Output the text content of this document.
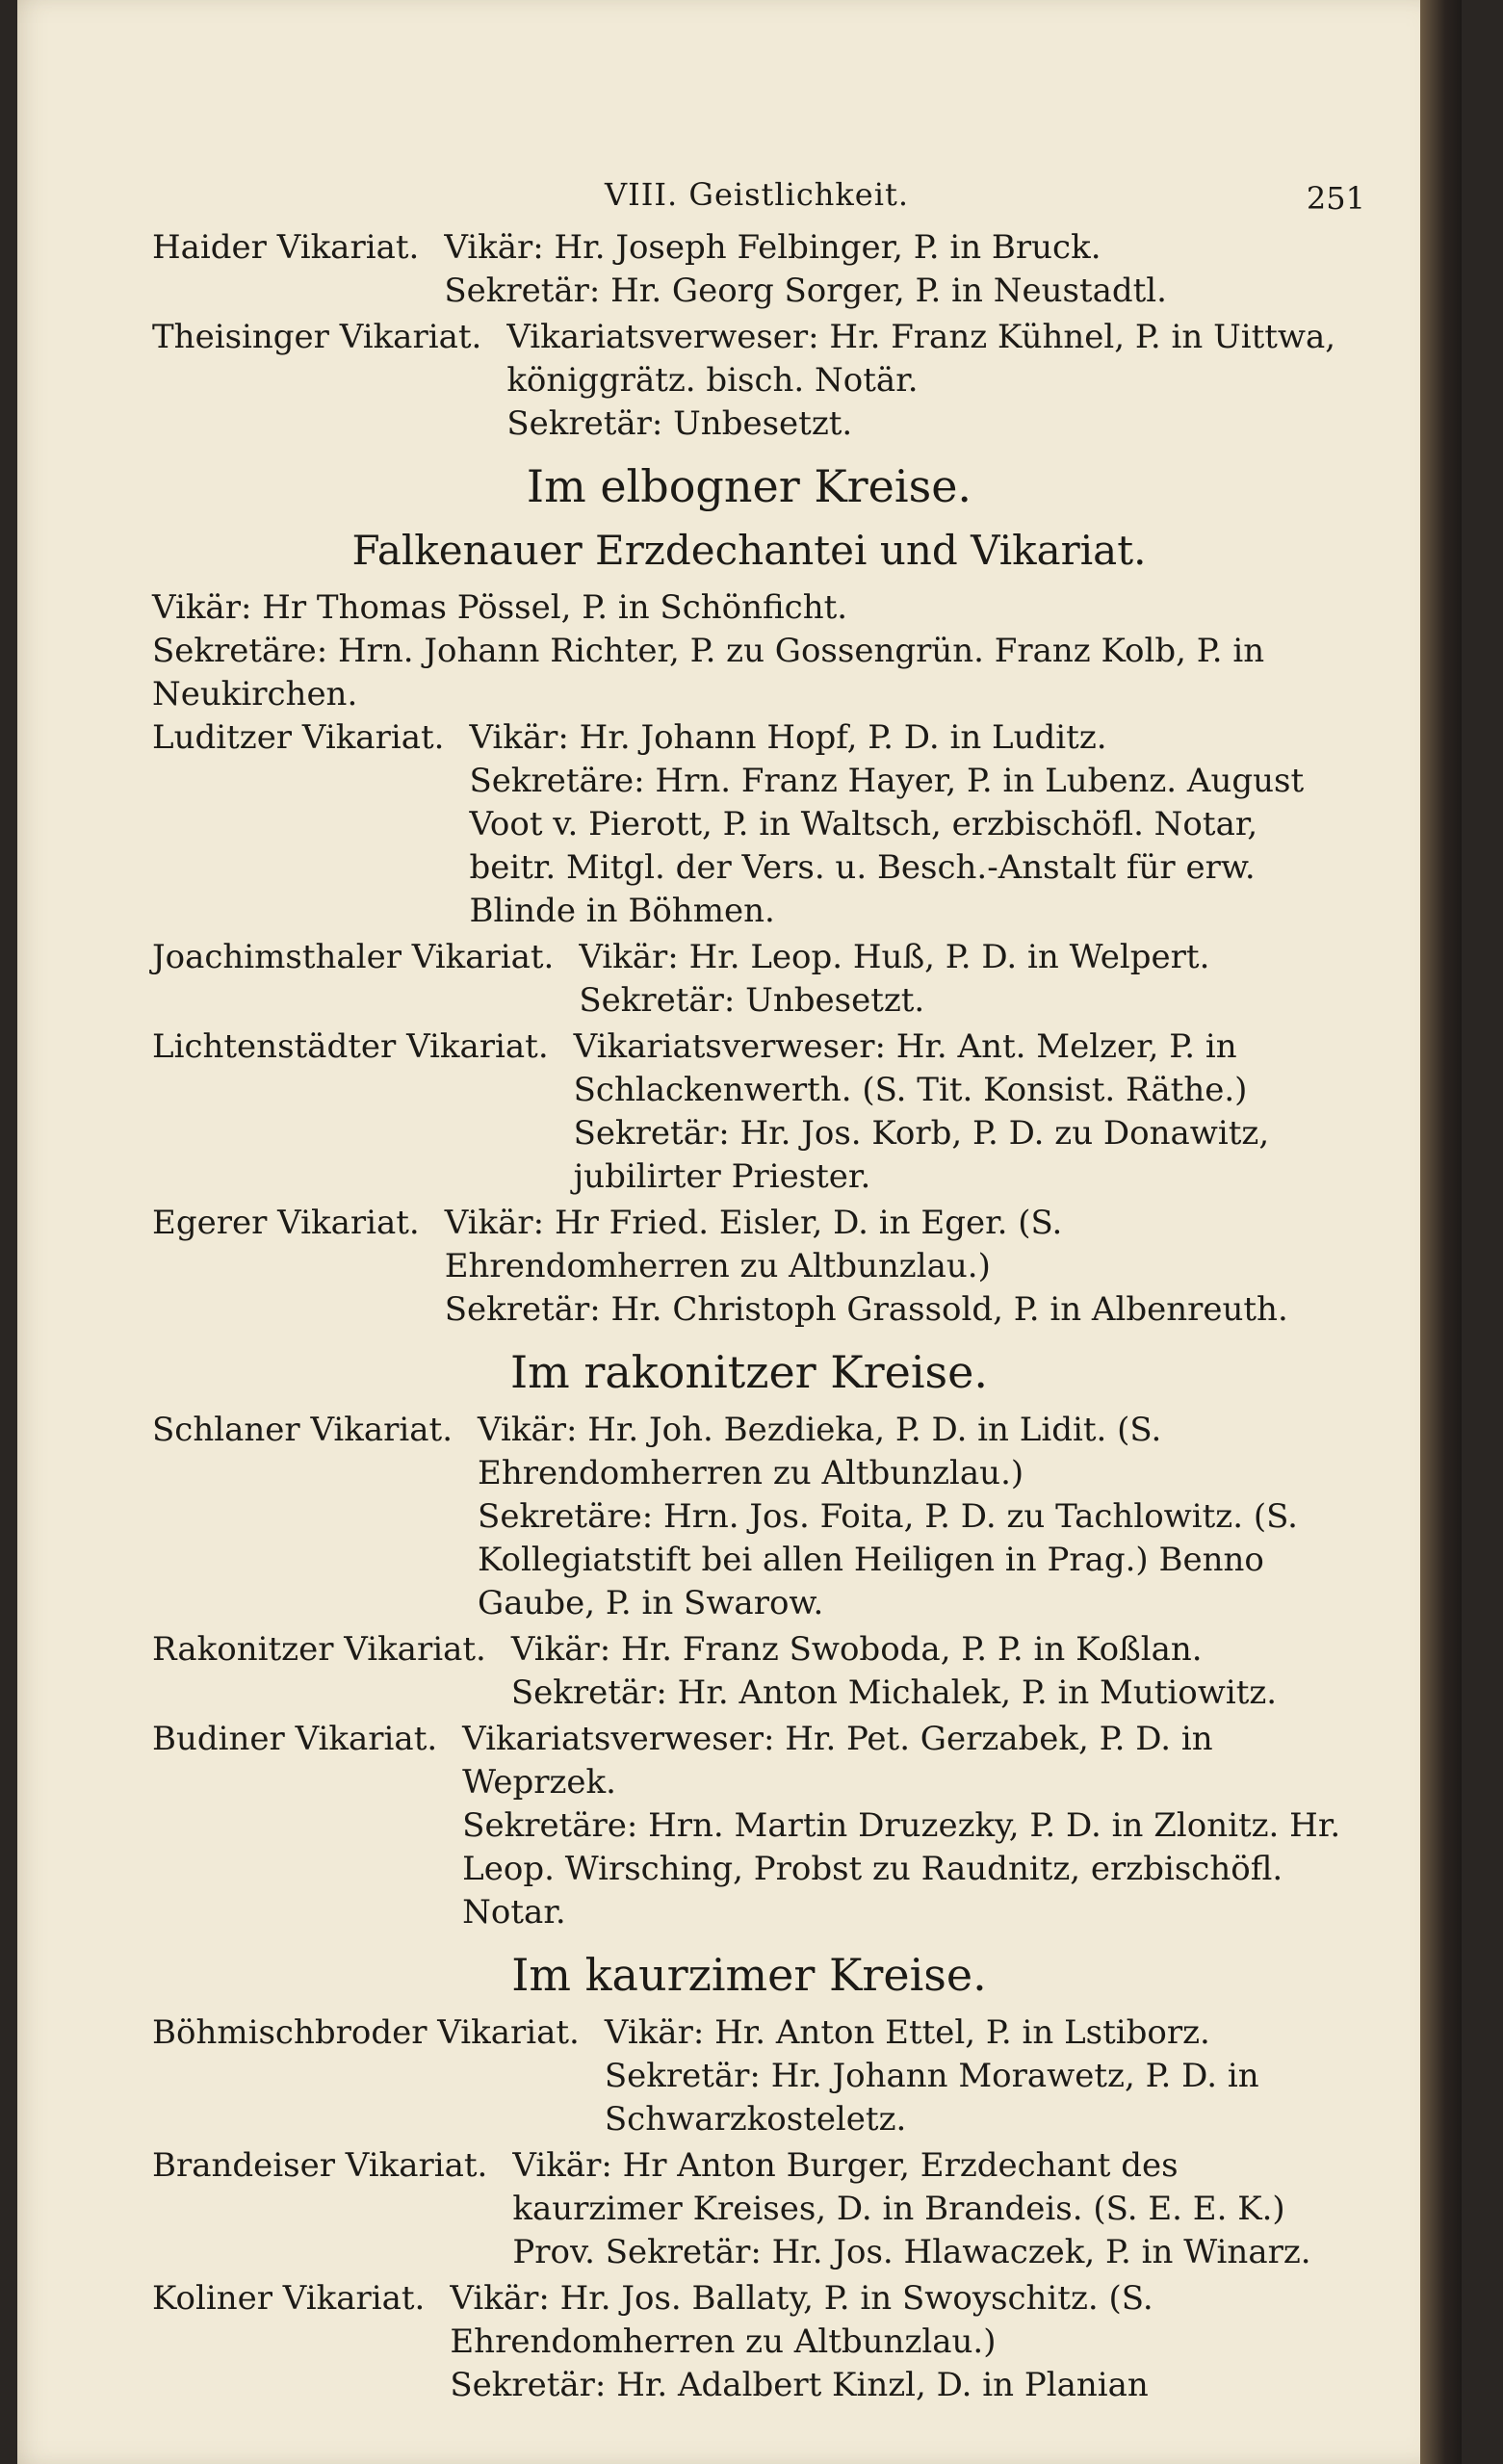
VIII. Geistlichkeit.	251
Haider Vikariat. Vikär: Hr. Joseph Felbinger, P. in Bruck.

Sekretär: Hr. Georg Sorger, P. in Neustadtl.

Theisinger Vikariat. Vikariatsverweser: Hr. Franz Kühnel, P. in Uittwa, königgrätz. bisch. Notär.

Sekretär: Unbesetzt.

Im elbogner Kreise.
Falkenauer Erzdechantei und Vikariat.

Vikär: Hr Thomas Pössel, P. in Schönficht.

Sekretäre: Hrn. Johann Richter, P. zu Gossengrün. Franz Kolb, P. in Neukirchen.

Luditzer Vikariat. Vikär: Hr. Johann Hopf, P. D. in Luditz.

Sekretäre: Hrn. Franz Hayer, P. in Lubenz. August Voot v. Pierott, P. in Waltsch, erzbischöfl. Notar, beitr. Mitgl. der Vers. u. Besch.-Anstalt für erw. Blinde in Böhmen.

Joachimsthaler Vikariat. Vikär: Hr. Leop. Huß, P. D. in Welpert.

Sekretär: Unbesetzt.

Lichtenstädter Vikariat. Vikariatsverweser: Hr. Ant. Melzer, P. in Schlackenwerth. (S. Tit. Konsist. Räthe.)

Sekretär: Hr. Jos. Korb, P. D. zu Donawitz, jubilirter Priester.

Egerer Vikariat. Vikär: Hr Fried. Eisler, D. in Eger. (S. Ehrendomherren zu Altbunzlau.)

Sekretär: Hr. Christoph Grassold, P. in Albenreuth.

Im rakonitzer Kreise.
Schlaner Vikariat. Vikär: Hr. Joh. Bezdieka, P. D. in Lidit. (S. Ehrendomherren zu Altbunzlau.)

Sekretäre: Hrn. Jos. Foita, P. D. zu Tachlowitz. (S. Kollegiatstift bei allen Heiligen in Prag.) Benno Gaube, P. in Swarow.

Rakonitzer Vikariat. Vikär: Hr. Franz Swoboda, P. P. in Koßlan.

Sekretär: Hr. Anton Michalek, P. in Mutiowitz.

Budiner Vikariat. Vikariatsverweser: Hr. Pet. Gerzabek, P. D. in Weprzek.

Sekretäre: Hrn. Martin Druzezky, P. D. in Zlonitz. Hr. Leop. Wirsching, Probst zu Raudnitz, erzbischöfl. Notar.

Im kaurzimer Kreise.
Böhmischbroder Vikariat. Vikär: Hr. Anton Ettel, P. in Lstiborz.

Sekretär: Hr. Johann Morawetz, P. D. in Schwarzkosteletz.

Brandeiser Vikariat. Vikär: Hr Anton Burger, Erzdechant des kaurzimer Kreises, D. in Brandeis. (S. E. E. K.)

Prov. Sekretär: Hr. Jos. Hlawaczek, P. in Winarz.

Koliner Vikariat. Vikär: Hr. Jos. Ballaty, P. in Swoyschitz. (S. Ehrendomherren zu Altbunzlau.)

Sekretär: Hr. Adalbert Kinzl, D. in Planian
